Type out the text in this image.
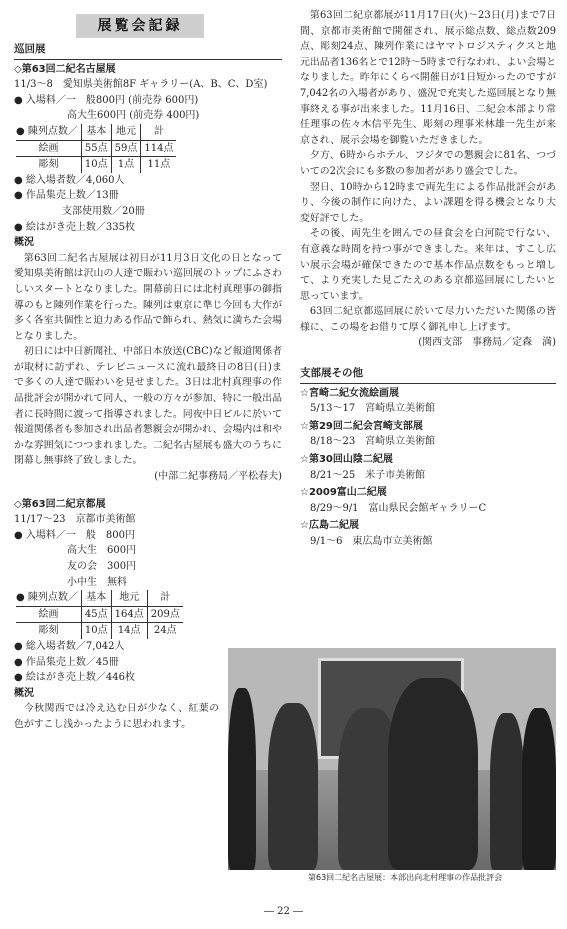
展覧会記録
巡回展
◇第63回二紀名古屋展
11/3～8　愛知県美術館8F ギャラリー(A、B、C、D室)
● 入場料／一　般800円 (前売券 600円)
高大生600円 (前売券 400円)
● 陳列点数／	基本	地元	計
絵画	55点	59点	114点
彫刻	10点	1点	11点
● 総入場者数／4,060人
● 作品集売上数／13冊
支部使用数／20冊
● 絵はがき売上数／335枚
概況
第63回二紀名古屋展は初日が11月3日文化の日となって愛知県美術館は沢山の人達で賑わい巡回展のトップにふさわしいスタートとなりました。開幕前日には北村真理事の御指導のもと陳列作業を行った。陳列は東京に準じ今回も大作が多く各室共個性と迫力ある作品で飾られ、熱気に満ちた会場となりました。
初日には中日新聞社、中部日本放送(CBC)など報道関係者が取材に訪ずれ、テレビニュースに流れ最終日の8日(日)まで多くの人達で賑わいを見せました。3日は北村真理事の作品批評会が開かれて同人、一般の方々が参加、特に一般出品者に長時間に渡って指導されました。同夜中日ビルに於いて報道関係者も参加され出品者懇親会が開かれ、会場内は和やかな雰囲気につつまれました。二紀名古屋展も盛大のうちに閉幕し無事終了致しました。
(中部二紀事務局／平松春夫)
◇第63回二紀京都展
11/17～23　京都市美術館
● 入場料／一　般　800円
高大生　600円
友の会　300円
小中生　無料
● 陳列点数／	基本	地元	計
絵画	45点	164点	209点
彫刻	10点	14点	24点
● 総入場者数／7,042人
● 作品集売上数／45冊
● 絵はがき売上数／446枚
概況
今秋関西では冷え込む日が少なく、紅葉の色がすこし浅かったように思われます。
第63回二紀京都展が11月17日(火)～23日(月)まで7日間、京都市美術館で開催され、展示総点数、総点数209点、彫刻24点、陳列作業にはヤマトロジスティクスと地元出品者136名とで12時～5時まで行なわれ、よい会場となりました。昨年にくらべ開催日が1日短かったのですが7,042名の入場者があり、盛況で充実した巡回展となり無事終える事が出来ました。11月16日、二紀会本部より常任理事の佐々木信平先生、彫刻の理事米林雄一先生が来京され、展示会場を御覧いただきました。
夕方、6時からホテル、フジタでの懇親会に81名、つづいての2次会にも多数の参加者があり盛会でした。
翌日、10時から12時まで両先生による作品批評会があり、今後の制作に向けた、よい課題を得る機会となり大変好評でした。
その後、両先生を囲んでの昼食会を白河院で行ない、有意義な時間を持つ事ができました。来年は、すこし広い展示会場が確保できたので基本作品点数をもっと増して、より充実した見ごたえのある京都巡回展にしたいと思っています。
63回二紀京都巡回展に於いて尽力いただいた関係の皆様に、この場をお借りて厚く御礼申し上げます。
(関西支部　事務局／定森　満)
支部展その他
☆宮崎二紀女流絵画展
5/13～17　宮崎県立美術館
☆第29回二紀会宮崎支部展
8/18～23　宮崎県立美術館
☆第30回山陰二紀展
8/21～25　米子市美術館
☆2009富山二紀展
8/29～9/1　富山県民会館ギャラリーC
☆広島二紀展
9/1～6　東広島市立美術館
第63回二紀名古屋展：本部出向北村理事の作品批評会
― 22 ―
